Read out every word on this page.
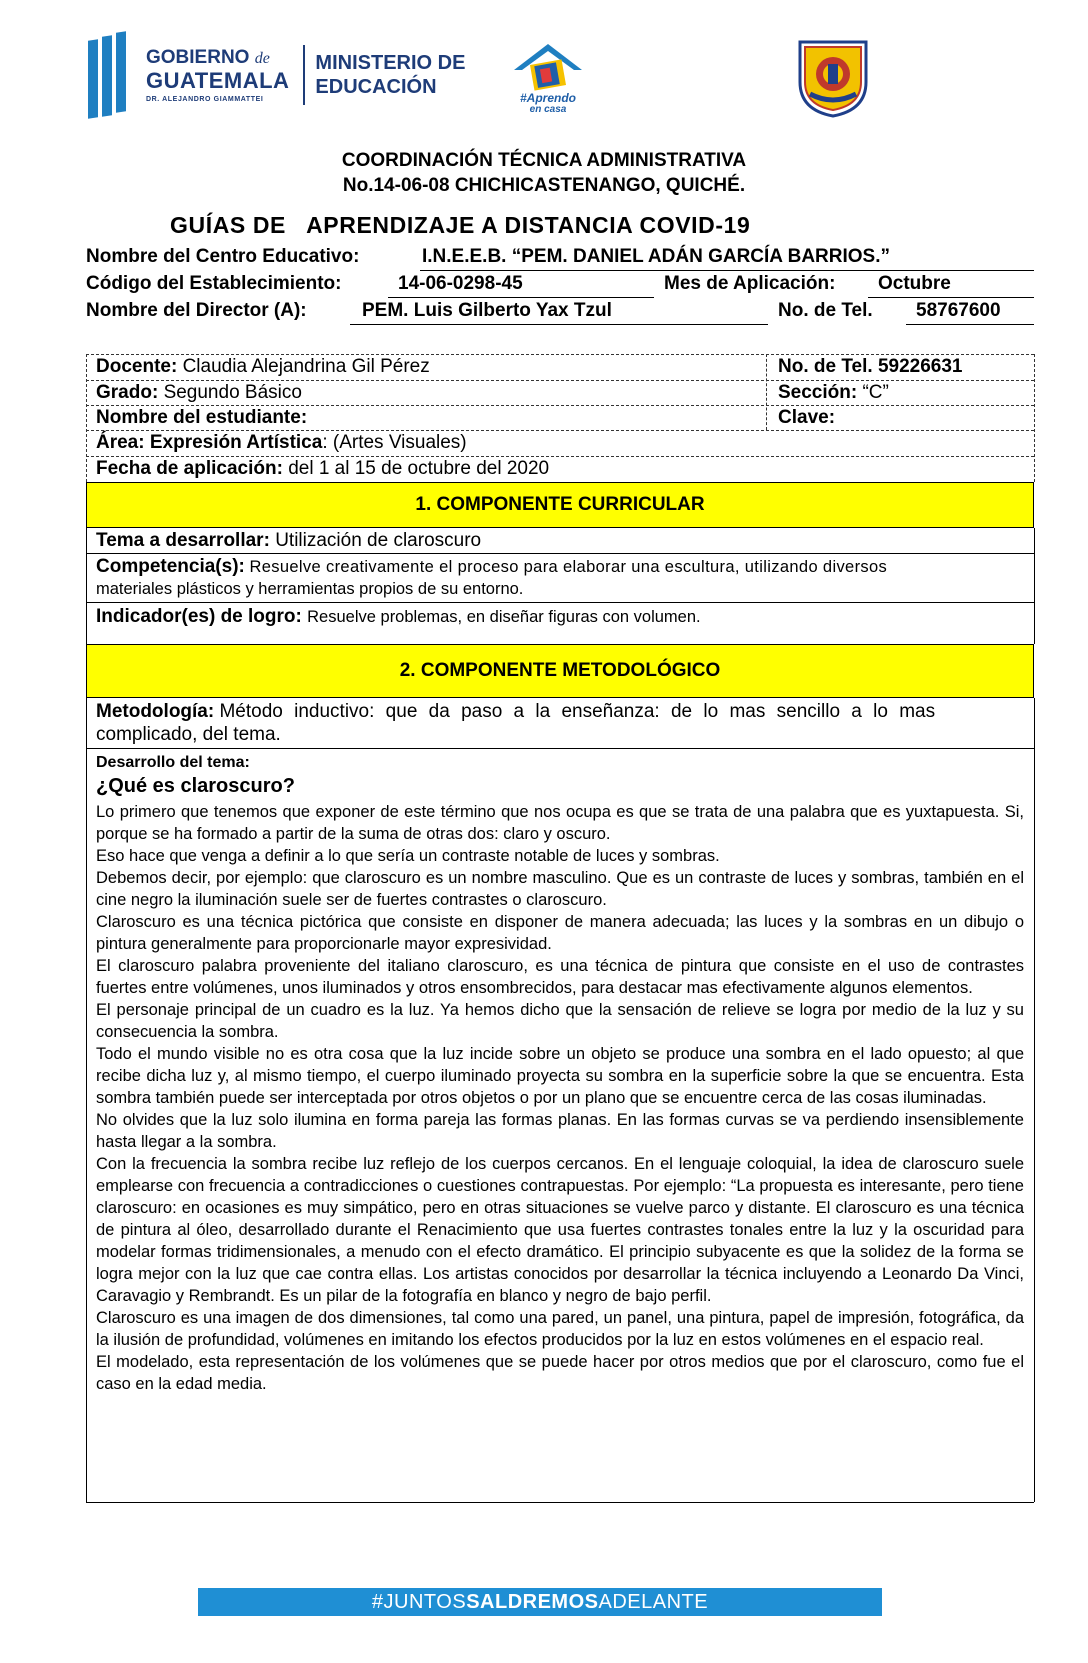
GOBIERNO de
GUATEMALA
DR. ALEJANDRO GIAMMATTEI
MINISTERIO DE
EDUCACIÓN	#Aprendo
en casa
COORDINACIÓN TÉCNICA ADMINISTRATIVA
No.14-06-08 CHICHICASTENANGO, QUICHÉ.
GUÍAS DE   APRENDIZAJE A DISTANCIA COVID-19
Nombre del Centro Educativo:	I.N.E.E.B. “PEM. DANIEL ADÁN GARCÍA BARRIOS.”
Código del Establecimiento:	14-06-0298-45	Mes de Aplicación: Octubre
Nombre del Director (A):	PEM. Luis Gilberto Yax Tzul	No. de Tel. 58767600
Docente: Claudia Alejandrina Gil Pérez	No. de Tel. 59226631
Grado: Segundo Básico	Sección: “C”
Nombre del estudiante:	Clave:
Área: Expresión Artística: (Artes Visuales)
Fecha de aplicación: del 1 al 15 de octubre del 2020
1. COMPONENTE CURRICULAR
Tema a desarrollar: Utilización de claroscuro

Competencia(s): Resuelve creativamente el proceso para elaborar una escultura, utilizando diversos

materiales plásticos y herramientas propios de su entorno.

Indicador(es) de logro: Resuelve problemas, en diseñar figuras con volumen.
2. COMPONENTE METODOLÓGICO

Metodología: Método inductivo: que da paso a la enseñanza: de lo mas sencillo a lo mas

complicado, del tema.

Desarrollo del tema:
¿Qué es claroscuro?

Lo primero que tenemos que exponer de este término que nos ocupa es que se trata de una palabra que es yuxtapuesta. Si, porque se ha formado a partir de la suma de otras dos: claro y oscuro.

Eso hace que venga a definir a lo que sería un contraste notable de luces y sombras.

Debemos decir, por ejemplo: que claroscuro es un nombre masculino. Que es un contraste de luces y sombras, también en el cine negro la iluminación suele ser de fuertes contrastes o claroscuro.

Claroscuro es una técnica pictórica que consiste en disponer de manera adecuada; las luces y la sombras en un dibujo o pintura generalmente para proporcionarle mayor expresividad.

El claroscuro palabra proveniente del italiano claroscuro, es una técnica de pintura que consiste en el uso de contrastes fuertes entre volúmenes, unos iluminados y otros ensombrecidos, para destacar mas efectivamente algunos elementos.

El personaje principal de un cuadro es la luz. Ya hemos dicho que la sensación de relieve se logra por medio de la luz y su consecuencia la sombra.

Todo el mundo visible no es otra cosa que la luz incide sobre un objeto se produce una sombra en el lado opuesto; al que recibe dicha luz y, al mismo tiempo, el cuerpo iluminado proyecta su sombra en la superficie sobre la que se encuentra. Esta sombra también puede ser interceptada por otros objetos o por un plano que se encuentre cerca de las cosas iluminadas.

No olvides que la luz solo ilumina en forma pareja las formas planas. En las formas curvas se va perdiendo insensiblemente hasta llegar a la sombra.

Con la frecuencia la sombra recibe luz reflejo de los cuerpos cercanos. En el lenguaje coloquial, la idea de claroscuro suele emplearse con frecuencia a contradicciones o cuestiones contrapuestas. Por ejemplo: “La propuesta es interesante, pero tiene claroscuro: en ocasiones es muy simpático, pero en otras situaciones se vuelve parco y distante. El claroscuro es una técnica de pintura al óleo, desarrollado durante el Renacimiento que usa fuertes contrastes tonales entre la luz y la oscuridad para modelar formas tridimensionales, a menudo con el efecto dramático. El principio subyacente es que la solidez de la forma se logra mejor con la luz que cae contra ellas. Los artistas conocidos por desarrollar la técnica incluyendo a Leonardo Da Vinci, Caravagio y Rembrandt. Es un pilar de la fotografía en blanco y negro de bajo perfil.

Claroscuro es una imagen de dos dimensiones, tal como una pared, un panel, una pintura, papel de impresión, fotográfica, da la ilusión de profundidad, volúmenes en imitando los efectos producidos por la luz en estos volúmenes en el espacio real.

El modelado, esta representación de los volúmenes que se puede hacer por otros medios que por el claroscuro, como fue el caso en la edad media.

#JUNTOSSALDREMOSADELANTE
